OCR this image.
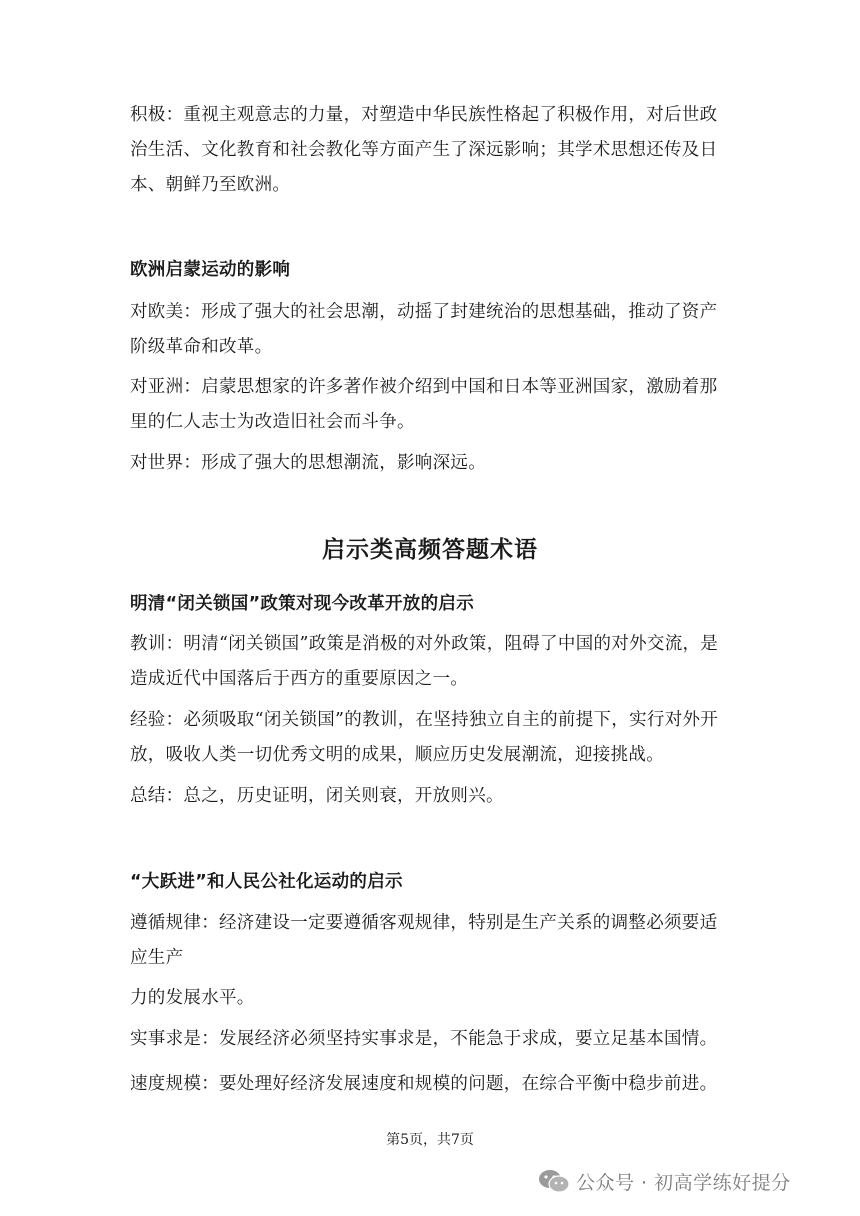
积极：重视主观意志的力量，对塑造中华民族性格起了积极作用，对后世政治生活、文化教育和社会教化等方面产生了深远影响；其学术思想还传及日本、朝鲜乃至欧洲。

欧洲启蒙运动的影响

对欧美：形成了强大的社会思潮，动摇了封建统治的思想基础，推动了资产阶级革命和改革。

对亚洲：启蒙思想家的许多著作被介绍到中国和日本等亚洲国家，激励着那里的仁人志士为改造旧社会而斗争。

对世界：形成了强大的思想潮流，影响深远。

启示类高频答题术语

明清“闭关锁国”政策对现今改革开放的启示

教训：明清“闭关锁国”政策是消极的对外政策，阻碍了中国的对外交流，是造成近代中国落后于西方的重要原因之一。

经验：必须吸取“闭关锁国”的教训，在坚持独立自主的前提下，实行对外开放，吸收人类一切优秀文明的成果，顺应历史发展潮流，迎接挑战。

总结：总之，历史证明，闭关则衰，开放则兴。

“大跃进”和人民公社化运动的启示

遵循规律：经济建设一定要遵循客观规律，特别是生产关系的调整必须要适应生产

力的发展水平。

实事求是：发展经济必须坚持实事求是，不能急于求成，要立足基本国情。

速度规模：要处理好经济发展速度和规模的问题，在综合平衡中稳步前进。

第5页，共7页
公众号 · 初高学练好提分
